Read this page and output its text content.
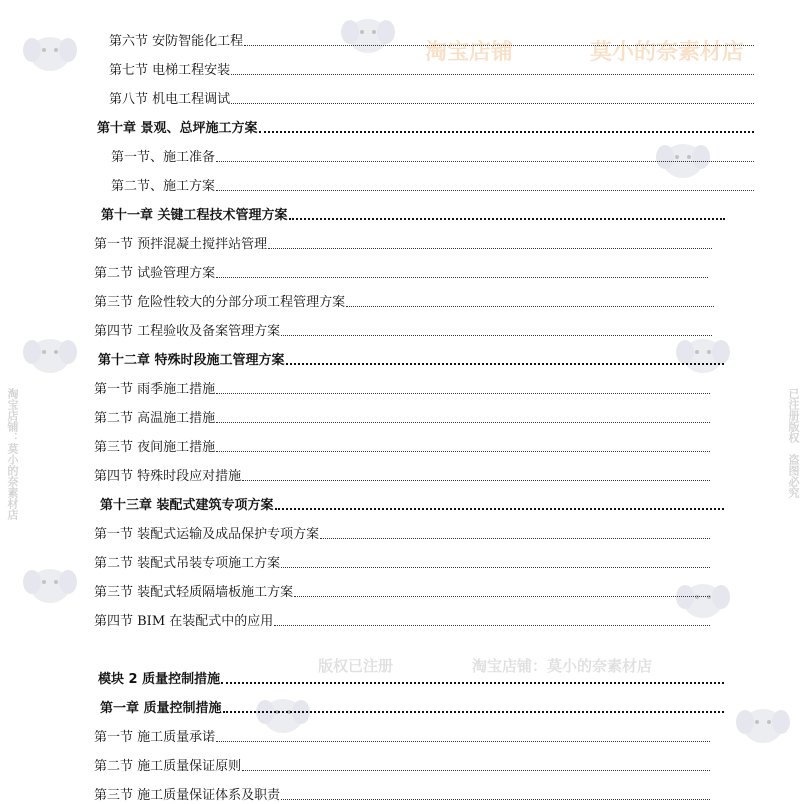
淘宝店铺	莫小的奈素材店
版权已注册	淘宝店铺：莫小的奈素材店
淘宝店铺：莫小的奈素材店	已注册版权　盗图必究
第六节 安防智能化工程
第七节 电梯工程安装
第八节 机电工程调试
第十章 景观、总坪施工方案
第一节、施工准备
第二节、施工方案
第十一章 关键工程技术管理方案
第一节 预拌混凝土搅拌站管理
第二节 试验管理方案
第三节 危险性较大的分部分项工程管理方案
第四节 工程验收及备案管理方案
第十二章 特殊时段施工管理方案
第一节 雨季施工措施
第二节 高温施工措施
第三节 夜间施工措施
第四节 特殊时段应对措施
第十三章 装配式建筑专项方案
第一节 装配式运输及成品保护专项方案
第二节 装配式吊装专项施工方案
第三节 装配式轻质隔墙板施工方案
第四节 BIM 在装配式中的应用
模块 2 质量控制措施
第一章 质量控制措施
第一节 施工质量承诺
第二节 施工质量保证原则
第三节 施工质量保证体系及职责
